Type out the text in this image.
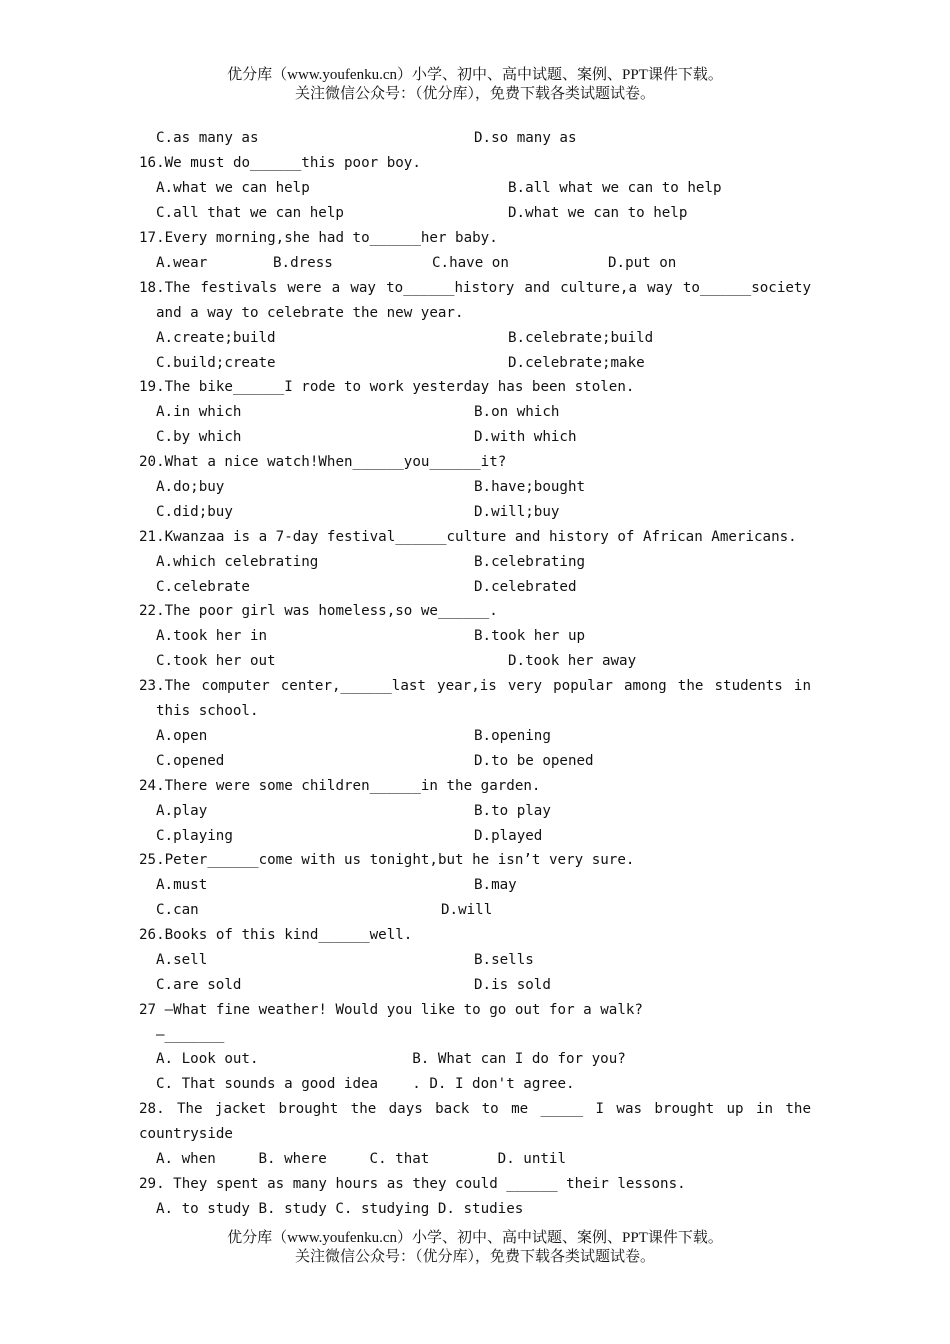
优分库（www.youfenku.cn）小学、初中、高中试题、案例、PPT课件下载。
关注微信公众号：（优分库），免费下载各类试题试卷。
C.as many as	D.so many as
16.We must do______this poor boy.
A.what we can help	B.all what we can to help
C.all that we can help	D.what we can to help
17.Every morning,she had to______her baby.
A.wear	B.dress	C.have on	D.put on
18.The festivals were a way to______history and culture,a way to______society
and a way to celebrate the new year.
A.create;build	B.celebrate;build
C.build;create	D.celebrate;make
19.The bike______I rode to work yesterday has been stolen.
A.in which	B.on which
C.by which	D.with which
20.What a nice watch!When______you______it?
A.do;buy	B.have;bought
C.did;buy	D.will;buy
21.Kwanzaa is a 7-day festival______culture and history of African Americans.
A.which celebrating	B.celebrating
C.celebrate	D.celebrated
22.The poor girl was homeless,so we______.
A.took her in	B.took her up
C.took her out	D.took her away
23.The computer center,______last year,is very popular among the students in
this school.
A.open	B.opening
C.opened	D.to be opened
24.There were some children______in the garden.
A.play	B.to play
C.playing	D.played
25.Peter______come with us tonight,but he isn’t very sure.
A.must	B.may
C.can	D.will
26.Books of this kind______well.
A.sell	B.sells
C.are sold	D.is sold
27 —What fine weather! Would you like to go out for a walk?
—_______
A. Look out.                  B. What can I do for you?
C. That sounds a good idea    . D. I don't agree.
28. The jacket brought the days back to me _____ I was brought up in the
countryside
A. when     B. where     C. that        D. until
29. They spent as many hours as they could ______ their lessons.
A. to study B. study C. studying D. studies
优分库（www.youfenku.cn）小学、初中、高中试题、案例、PPT课件下载。
关注微信公众号：（优分库），免费下载各类试题试卷。
